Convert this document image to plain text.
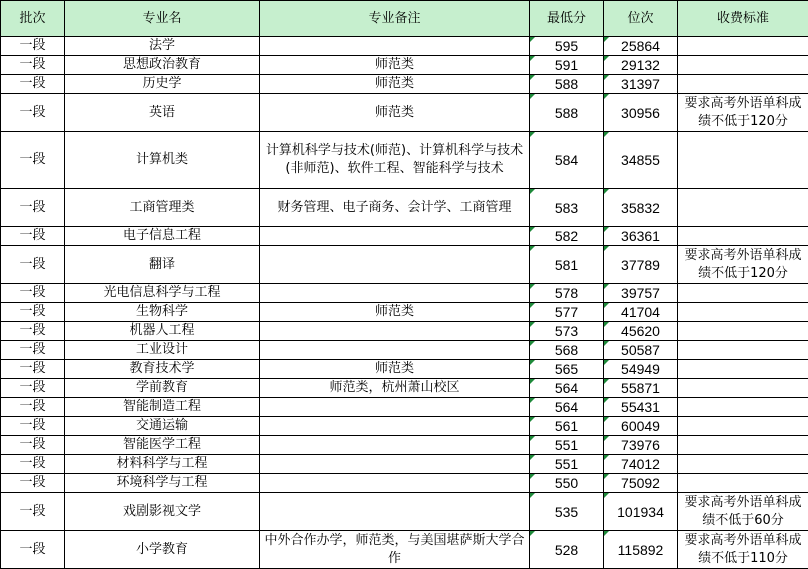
批次	专业名	专业备注	最低分	位次	收费标准
一段	法学		595	25864	
一段	思想政治教育	师范类	591	29132	
一段	历史学	师范类	588	31397	
一段	英语	师范类	588	30956	要求高考外语单科成绩不低于120分
一段	计算机类	计算机科学与技术(师范)、计算机科学与技术(非师范)、软件工程、智能科学与技术	584	34855	
一段	工商管理类	财务管理、电子商务、会计学、工商管理	583	35832	
一段	电子信息工程		582	36361	
一段	翻译		581	37789	要求高考外语单科成绩不低于120分
一段	光电信息科学与工程		578	39757	
一段	生物科学	师范类	577	41704	
一段	机器人工程		573	45620	
一段	工业设计		568	50587	
一段	教育技术学	师范类	565	54949	
一段	学前教育	师范类，杭州萧山校区	564	55871	
一段	智能制造工程		564	55431	
一段	交通运输		561	60049	
一段	智能医学工程		551	73976	
一段	材料科学与工程		551	74012	
一段	环境科学与工程		550	75092	
一段	戏剧影视文学		535	101934	要求高考外语单科成绩不低于60分
一段	小学教育	中外合作办学，师范类，与美国堪萨斯大学合作	528	115892	要求高考外语单科成绩不低于110分
